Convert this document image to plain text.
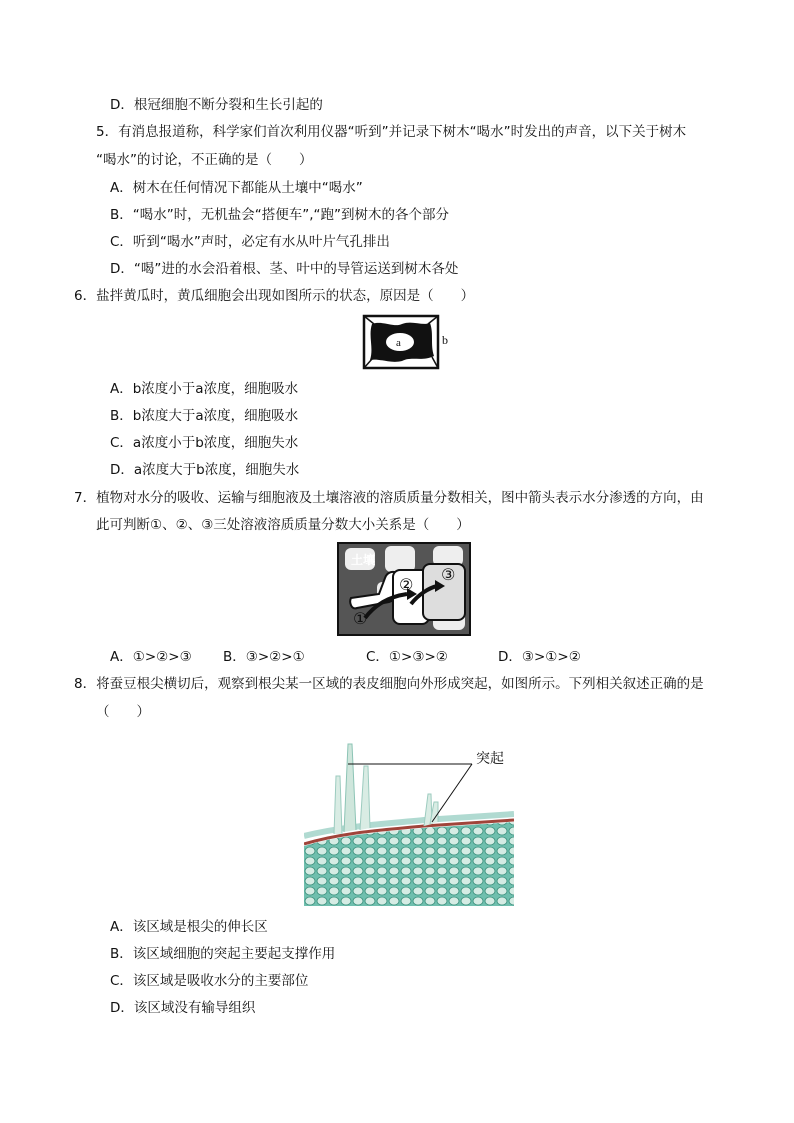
D．根冠细胞不断分裂和生长引起的
5．有消息报道称，科学家们首次利用仪器“听到”并记录下树木“喝水”时发出的声音，以下关于树木
“喝水”的讨论，不正确的是（　　）
A．树木在任何情况下都能从土壤中“喝水”
B．“喝水”时，无机盐会“搭便车”,“跑”到树木的各个部分
C．听到“喝水”声时，必定有水从叶片气孔排出
D．“喝”进的水会沿着根、茎、叶中的导管运送到树木各处
6．盐拌黄瓜时，黄瓜细胞会出现如图所示的状态，原因是（　　）
a	b
A．b浓度小于a浓度，细胞吸水
B．b浓度大于a浓度，细胞吸水
C．a浓度小于b浓度，细胞失水
D．a浓度大于b浓度，细胞失水
7．植物对水分的吸收、运输与细胞液及土壤溶液的溶质质量分数相关，图中箭头表示水分渗透的方向，由
此可判断①、②、③三处溶液溶质质量分数大小关系是（　　）
土壤
①
②
③
A．①>②>③ B．③>②>①	C．①>③>②	D．③>①>②
8．将蚕豆根尖横切后，观察到根尖某一区域的表皮细胞向外形成突起，如图所示。下列相关叙述正确的是
（　　）
突起
A．该区域是根尖的伸长区
B．该区域细胞的突起主要起支撑作用
C．该区域是吸收水分的主要部位
D．该区域没有输导组织
